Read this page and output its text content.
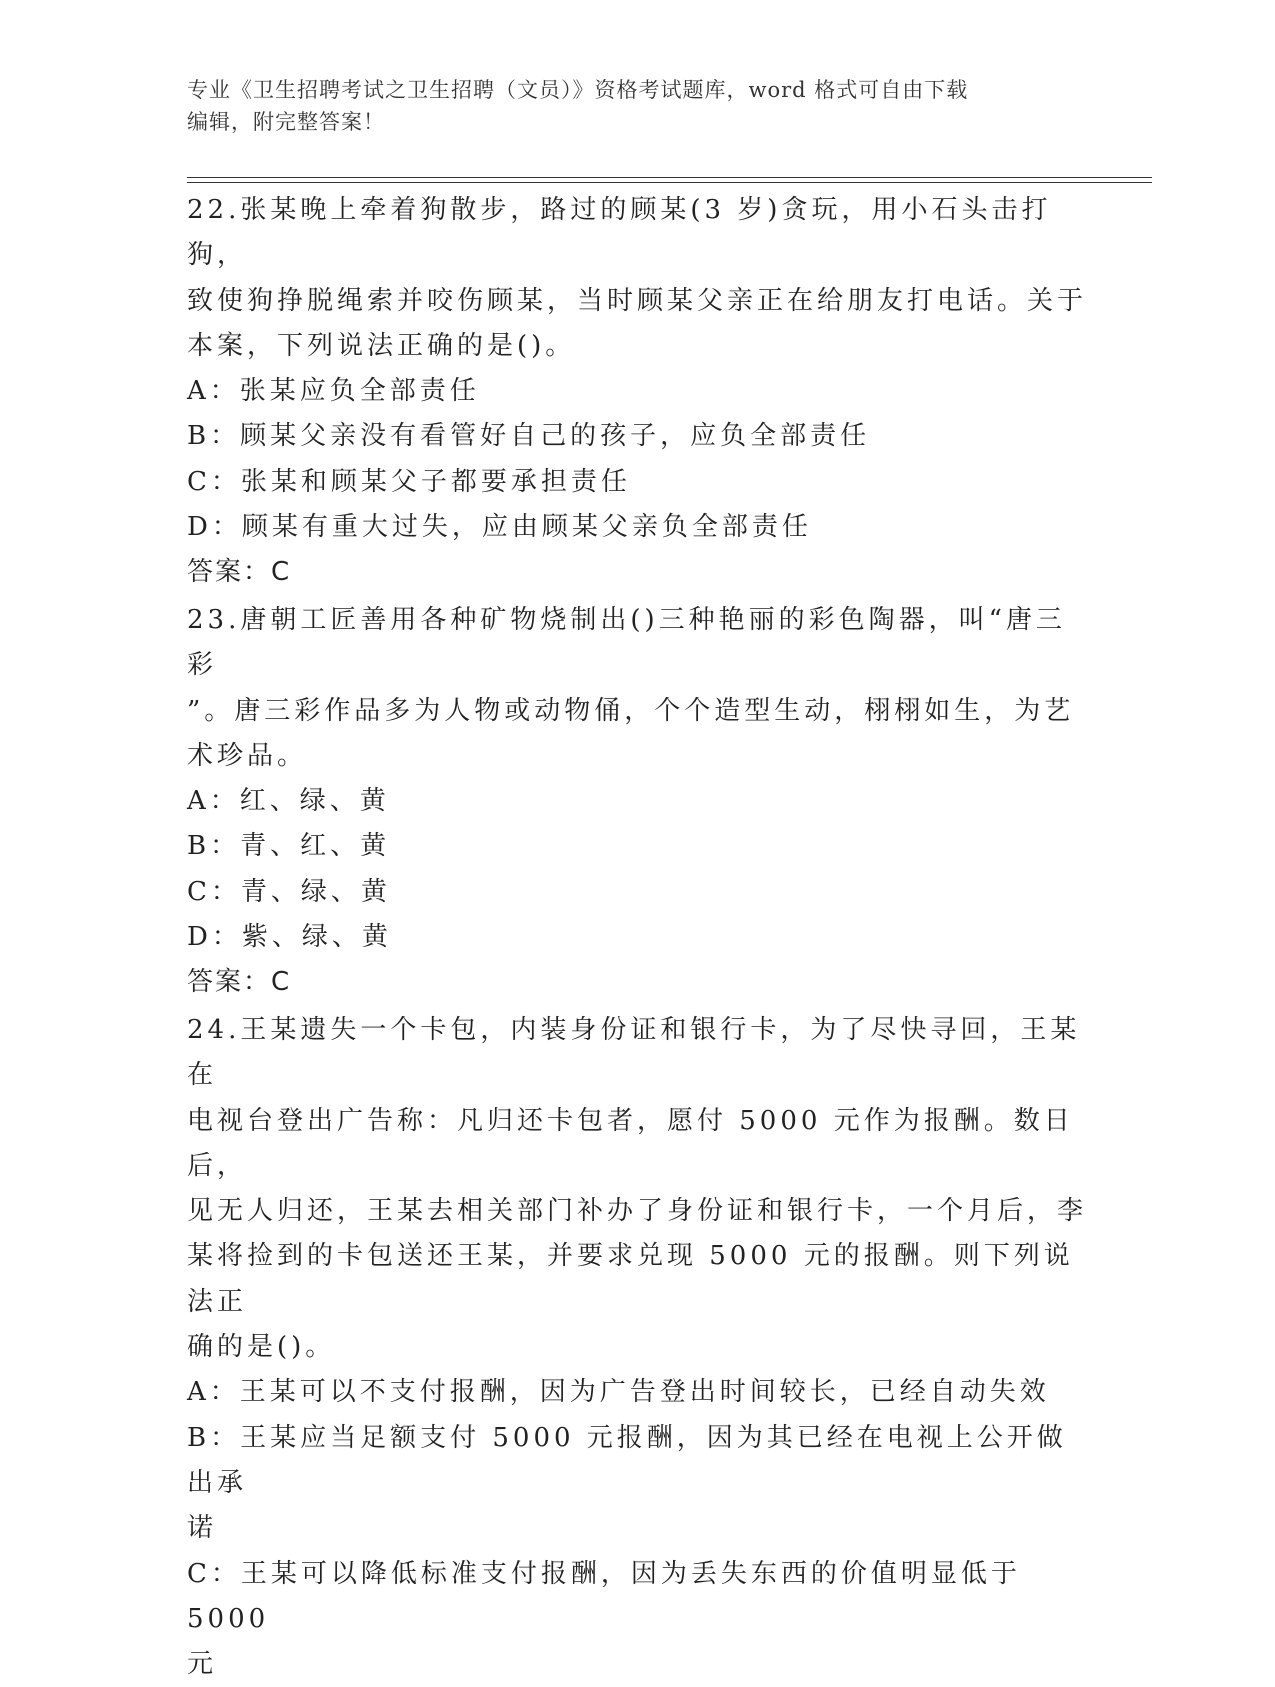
专业《卫生招聘考试之卫生招聘（文员）》资格考试题库，word 格式可自由下载
编辑，附完整答案！

22.张某晚上牵着狗散步，路过的顾某(3 岁)贪玩，用小石头击打狗，

致使狗挣脱绳索并咬伤顾某，当时顾某父亲正在给朋友打电话。关于

本案，下列说法正确的是()。

A：张某应负全部责任

B：顾某父亲没有看管好自己的孩子，应负全部责任

C：张某和顾某父子都要承担责任

D：顾某有重大过失，应由顾某父亲负全部责任

答案：C

23.唐朝工匠善用各种矿物烧制出()三种艳丽的彩色陶器，叫“唐三彩

”。唐三彩作品多为人物或动物俑，个个造型生动，栩栩如生，为艺

术珍品。

A：红、绿、黄

B：青、红、黄

C：青、绿、黄

D：紫、绿、黄

答案：C

24.王某遗失一个卡包，内装身份证和银行卡，为了尽快寻回，王某在

电视台登出广告称：凡归还卡包者，愿付 5000 元作为报酬。数日后，

见无人归还，王某去相关部门补办了身份证和银行卡，一个月后，李

某将捡到的卡包送还王某，并要求兑现 5000 元的报酬。则下列说法正

确的是()。

A：王某可以不支付报酬，因为广告登出时间较长，已经自动失效

B：王某应当足额支付 5000 元报酬，因为其已经在电视上公开做出承

诺

C：王某可以降低标准支付报酬，因为丢失东西的价值明显低于 5000

元
